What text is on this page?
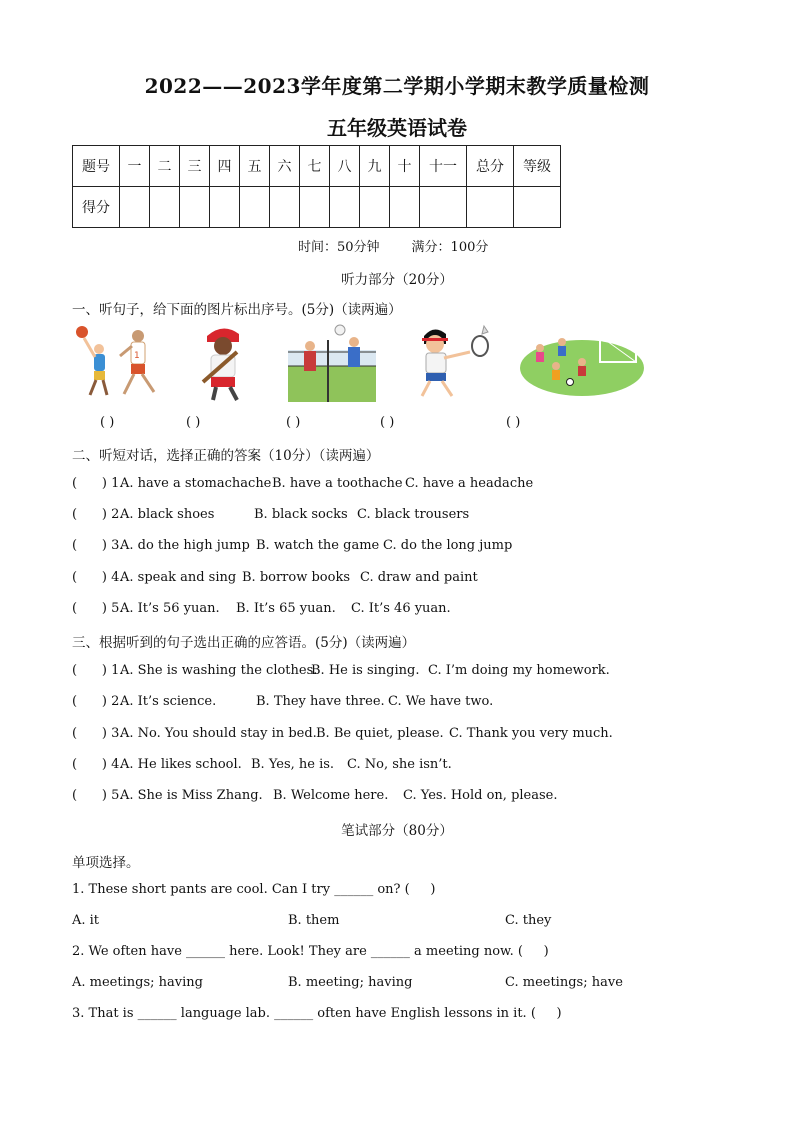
2022——2023学年度第二学期小学期末教学质量检测
五年级英语试卷
题号	一	二	三	四	五	六	七	八	九	十	十一	总分	等级
得分													
时间：50分钟 满分：100分
听力部分（20分）
一、听句子，给下面的图片标出序号。(5分)（读两遍）
1
( )	( )	( )	( )	( )
二、听短对话，选择正确的答案（10分）（读两遍）
(      ) 1.
A. have a stomachache B. have a toothache C. have a headache
(      ) 2.
A. black shoes	B. black socks C. black trousers
(      ) 3.
A. do the high jump B. watch the game C. do the long jump
(      ) 4.
A. speak and sing B. borrow books C. draw and paint
(      ) 5.
A. It’s 56 yuan. B. It’s 65 yuan. C. It’s 46 yuan.
三、根据听到的句子选出正确的应答语。(5分)（读两遍）
(      ) 1.
A. She is washing the clothes.
B. He is singing. C. I’m doing my homework.
(      ) 2.
A. It’s science.	B. They have three. C. We have two.
(      ) 3.
A. No. You should stay in bed. B. Be quiet, please. C. Thank you very much.
(      ) 4.
A. He likes school. B. Yes, he is. C. No, she isn’t.
(      ) 5.
A. She is Miss Zhang. B. Welcome here. C. Yes. Hold on, please.
笔试部分（80分）
单项选择。
1. These short pants are cool. Can I try ______ on? (     )
A. it	B. them	C. they
2. We often have ______ here. Look! They are ______ a meeting now. (     )
A. meetings; having	B. meeting; having	C. meetings; have
3. That is ______ language lab. ______ often have English lessons in it. (     )
